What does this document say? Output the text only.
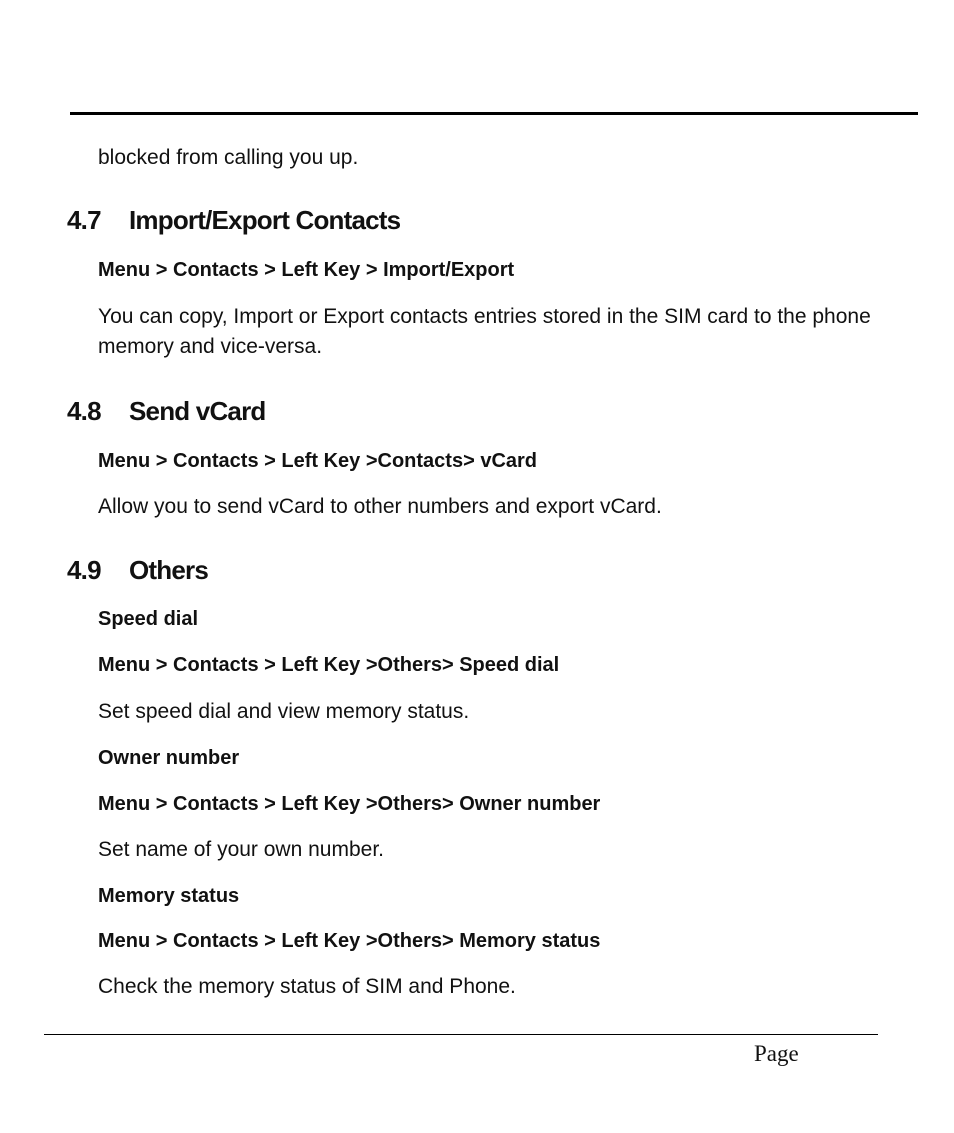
blocked from calling you up.
4.7 Import/Export Contacts
Menu > Contacts > Left Key > Import/Export
You can copy, Import or Export contacts entries stored in the SIM card to the phone memory and vice-versa.
4.8 Send vCard
Menu > Contacts > Left Key >Contacts> vCard
Allow you to send vCard to other numbers and export vCard.
4.9 Others
Speed dial
Menu > Contacts > Left Key >Others> Speed dial
Set speed dial and view memory status.
Owner number
Menu > Contacts > Left Key >Others> Owner number
Set name of your own number.
Memory status
Menu > Contacts > Left Key >Others> Memory status
Check the memory status of SIM and Phone.
Page
